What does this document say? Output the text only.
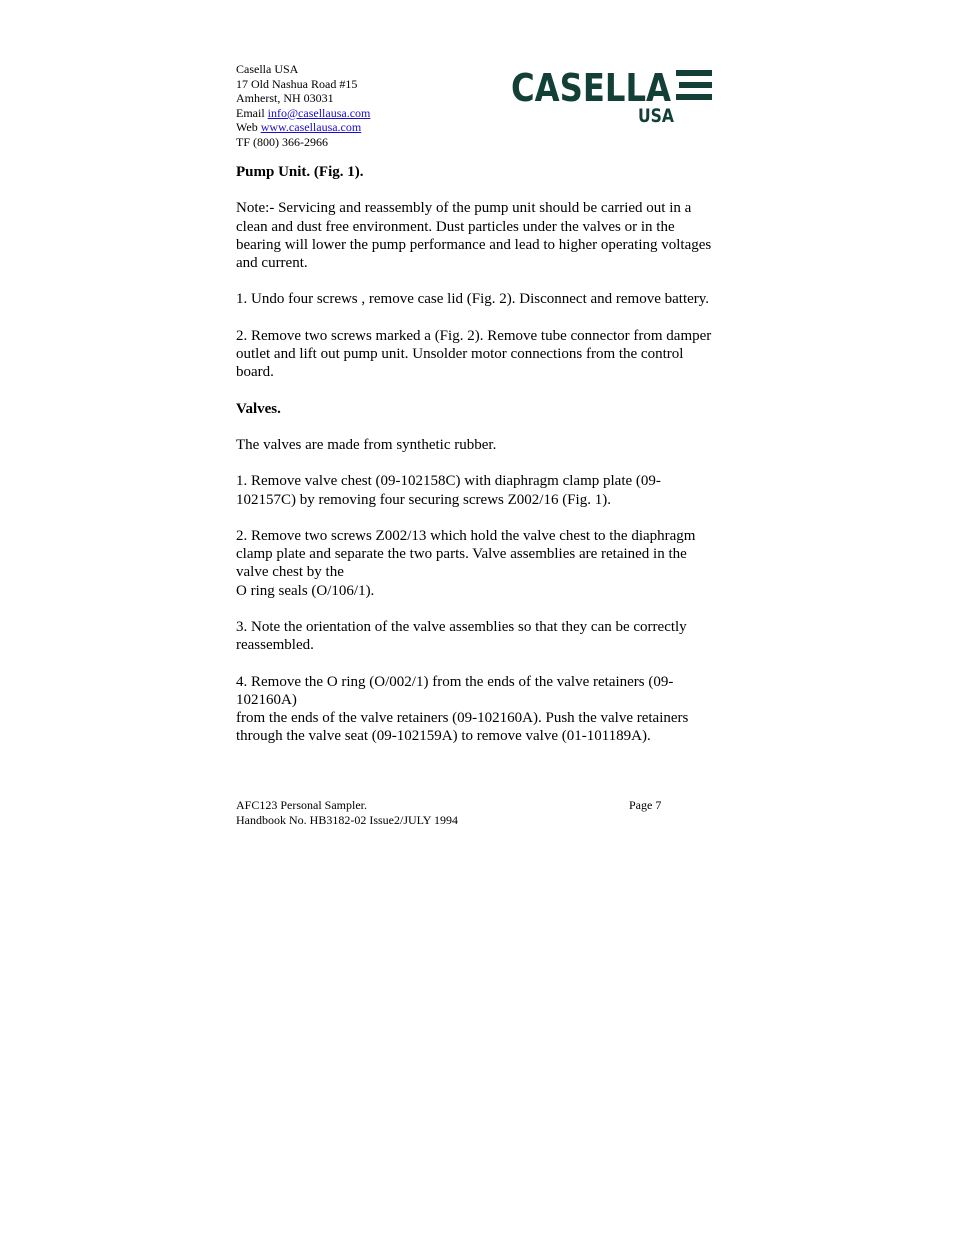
Casella USA
17 Old Nashua Road #15
Amherst, NH 03031
Email info@casellausa.com
Web www.casellausa.com
TF (800) 366-2966
CASELLA
USA
Pump Unit. (Fig. 1).

Note:- Servicing and reassembly of the pump unit should be carried out in a clean and dust free environment. Dust particles under the valves or in the bearing will lower the pump performance and lead to higher operating voltages and current.

1. Undo four screws , remove case lid (Fig. 2). Disconnect and remove battery.

2. Remove two screws marked a (Fig. 2). Remove tube connector from damper outlet and lift out pump unit. Unsolder motor connections from the control board.

Valves.

The valves are made from synthetic rubber.

1. Remove valve chest (09-102158C) with diaphragm clamp plate (09-102157C) by removing four securing screws Z002/16 (Fig. 1).

2. Remove two screws Z002/13 which hold the valve chest to the diaphragm clamp plate and separate the two parts. Valve assemblies are retained in the valve chest by the
O ring seals (O/106/1).

3. Note the orientation of the valve assemblies so that they can be correctly reassembled.

4. Remove the O ring (O/002/1) from the ends of the valve retainers (09-102160A)
from the ends of the valve retainers (09-102160A). Push the valve retainers through the valve seat (09-102159A) to remove valve (01-101189A).

AFC123 Personal Sampler.	Page 7
Handbook No. HB3182-02 Issue2/JULY 1994
